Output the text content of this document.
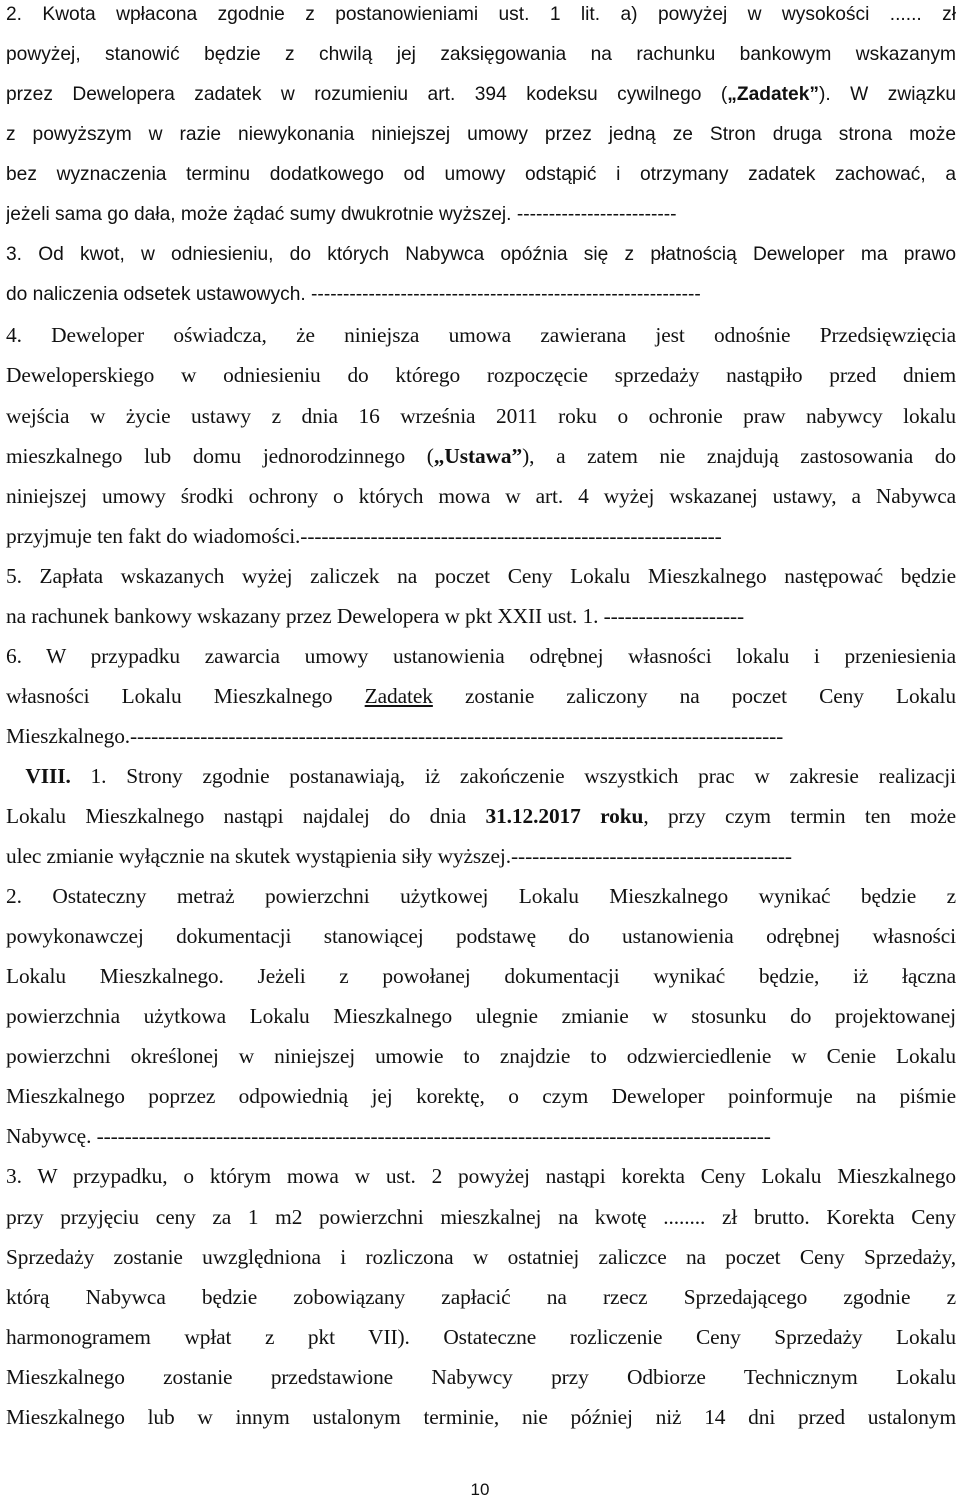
2. Kwota wpłacona zgodnie z postanowieniami ust. 1 lit. a) powyżej w wysokości ...... zł
powyżej, stanowić będzie z chwilą jej zaksięgowania na rachunku bankowym wskazanym
przez Dewelopera zadatek w rozumieniu art. 394 kodeksu cywilnego („Zadatek”). W związku
z powyższym w razie niewykonania niniejszej umowy przez jedną ze Stron druga strona może
bez wyznaczenia terminu dodatkowego od umowy odstąpić i otrzymany zadatek zachować, a
jeżeli sama go dała, może żądać sumy dwukrotnie wyższej. -------------------------
3. Od kwot, w odniesieniu, do których Nabywca opóźnia się z płatnością Deweloper ma prawo
do naliczenia odsetek ustawowych. -------------------------------------------------------------
4. Deweloper oświadcza, że niniejsza umowa zawierana jest odnośnie Przedsięwzięcia
Deweloperskiego w odniesieniu do którego rozpoczęcie sprzedaży nastąpiło przed dniem
wejścia w życie ustawy z dnia 16 września 2011 roku o ochronie praw nabywcy lokalu
mieszkalnego lub domu jednorodzinnego („Ustawa”), a zatem nie znajdują zastosowania do
niniejszej umowy środki ochrony o których mowa w art. 4 wyżej wskazanej ustawy, a Nabywca
przyjmuje ten fakt do wiadomości.------------------------------------------------------------
5. Zapłata wskazanych wyżej zaliczek na poczet Ceny Lokalu Mieszkalnego następować będzie
na rachunek bankowy wskazany przez Dewelopera w pkt XXII ust. 1. --------------------
6. W przypadku zawarcia umowy ustanowienia odrębnej własności lokalu i przeniesienia
własności Lokalu Mieszkalnego Zadatek zostanie zaliczony na poczet Ceny Lokalu
Mieszkalnego.---------------------------------------------------------------------------------------------
VIII. 1. Strony zgodnie postanawiają, iż zakończenie wszystkich prac w zakresie realizacji
Lokalu Mieszkalnego nastąpi najdalej do dnia 31.12.2017 roku, przy czym termin ten może
ulec zmianie wyłącznie na skutek wystąpienia siły wyższej.----------------------------------------
2. Ostateczny metraż powierzchni użytkowej Lokalu Mieszkalnego wynikać będzie z
powykonawczej dokumentacji stanowiącej podstawę do ustanowienia odrębnej własności
Lokalu Mieszkalnego. Jeżeli z powołanej dokumentacji wynikać będzie, iż łączna
powierzchnia użytkowa Lokalu Mieszkalnego ulegnie zmianie w stosunku do projektowanej
powierzchni określonej w niniejszej umowie to znajdzie to odzwierciedlenie w Cenie Lokalu
Mieszkalnego poprzez odpowiednią jej korektę, o czym Deweloper poinformuje na piśmie
Nabywcę. ------------------------------------------------------------------------------------------------
3. W przypadku, o którym mowa w ust. 2 powyżej nastąpi korekta Ceny Lokalu Mieszkalnego
przy przyjęciu ceny za 1 m2 powierzchni mieszkalnej na kwotę ........ zł brutto. Korekta Ceny
Sprzedaży zostanie uwzględniona i rozliczona w ostatniej zaliczce na poczet Ceny Sprzedaży,
którą Nabywca będzie zobowiązany zapłacić na rzecz Sprzedającego zgodnie z
harmonogramem wpłat z pkt VII). Ostateczne rozliczenie Ceny Sprzedaży Lokalu
Mieszkalnego zostanie przedstawione Nabywcy przy Odbiorze Technicznym Lokalu
Mieszkalnego lub w innym ustalonym terminie, nie później niż 14 dni przed ustalonym
10
